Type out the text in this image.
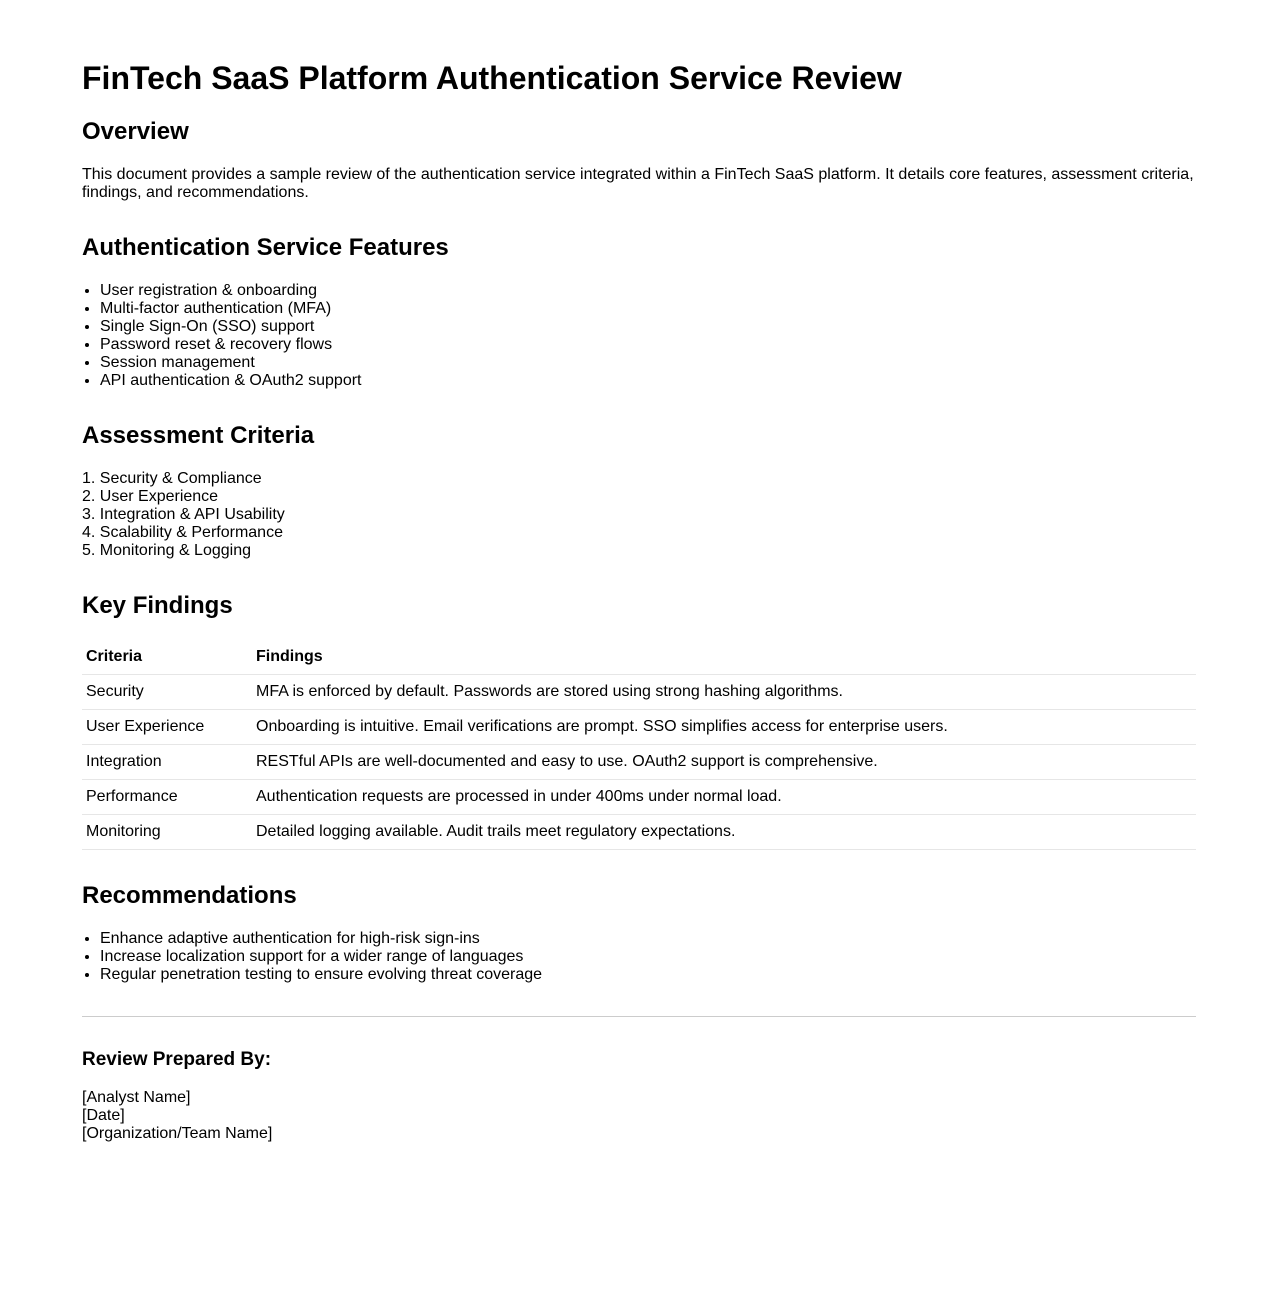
FinTech SaaS Platform Authentication Service Review
Overview

This document provides a sample review of the authentication service integrated within a FinTech SaaS platform. It details core features, assessment criteria, findings, and recommendations.

Authentication Service Features
• User registration & onboarding
• Multi-factor authentication (MFA)
• Single Sign-On (SSO) support
• Password reset & recovery flows
• Session management
• API authentication & OAuth2 support
Assessment Criteria
1. Security & Compliance
2. User Experience
3. Integration & API Usability
4. Scalability & Performance
5. Monitoring & Logging
Key Findings
Criteria	Findings
Security	MFA is enforced by default. Passwords are stored using strong hashing algorithms.
User Experience	Onboarding is intuitive. Email verifications are prompt. SSO simplifies access for enterprise users.
Integration	RESTful APIs are well-documented and easy to use. OAuth2 support is comprehensive.
Performance	Authentication requests are processed in under 400ms under normal load.
Monitoring	Detailed logging available. Audit trails meet regulatory expectations.
Recommendations
• Enhance adaptive authentication for high-risk sign-ins
• Increase localization support for a wider range of languages
• Regular penetration testing to ensure evolving threat coverage
Review Prepared By:
[Analyst Name]
[Date]
[Organization/Team Name]
